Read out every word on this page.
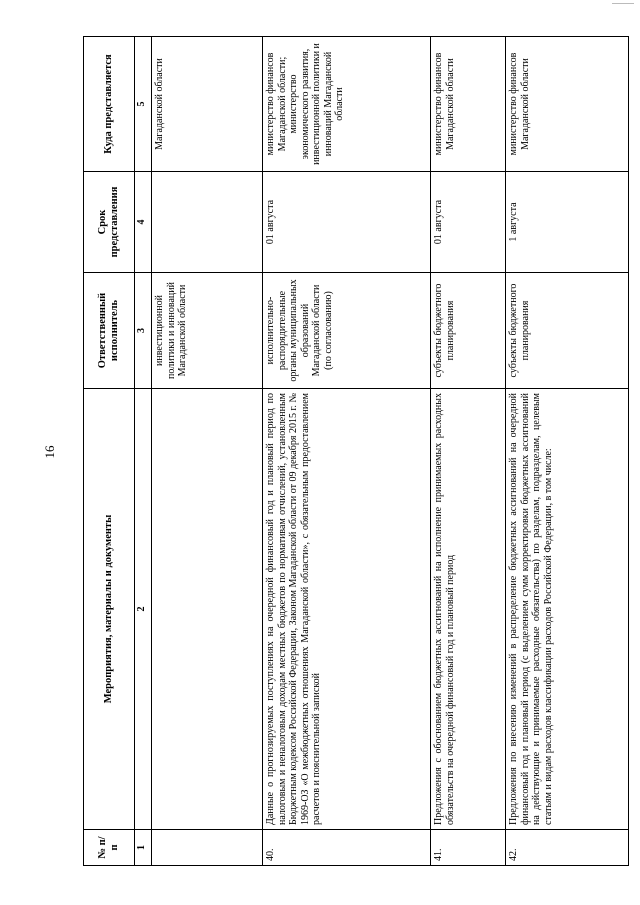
16
№ п/п	Мероприятия, материалы и документы	Ответственный исполнитель	Срок представления	Куда представляется
1	2	3	4	5
		инвестиционной политики и инноваций Магаданской области		Магаданской области
40.	Данные о прогнозируемых поступлениях на очередной финансовый год и плановый период по налоговым и неналоговым доходам местных бюджетов по нормативам отчислений, установленным Бюджетным кодексом Российской Федерации, Законом Магаданской области от 09 декабря 2015 г. № 1969-ОЗ «О межбюджетных отношениях Магаданской области», с обязательным предоставлением расчетов и пояснительной запиской	исполнительно-распорядительные органы муниципальных образований Магаданской области (по согласованию)	01 августа	министерство финансов Магаданской области; министерство экономического развития, инвестиционной политики и инноваций Магаданской области
41.	Предложения с обоснованием бюджетных ассигнований на исполнение принимаемых расходных обязательств на очередной финансовый год и плановый период	субъекты бюджетного планирования	01 августа	министерство финансов Магаданской области
42.	Предложения по внесению изменений в распределение бюджетных ассигнований на очередной финансовый год и плановый период (с выделением сумм корректировки бюджетных ассигнований на действующие и принимаемые расходные обязательства) по разделам, подразделам, целевым статьям и видам расходов классификации расходов Российской Федерации, в том числе:	субъекты бюджетного планирования	1 августа	министерство финансов Магаданской области
